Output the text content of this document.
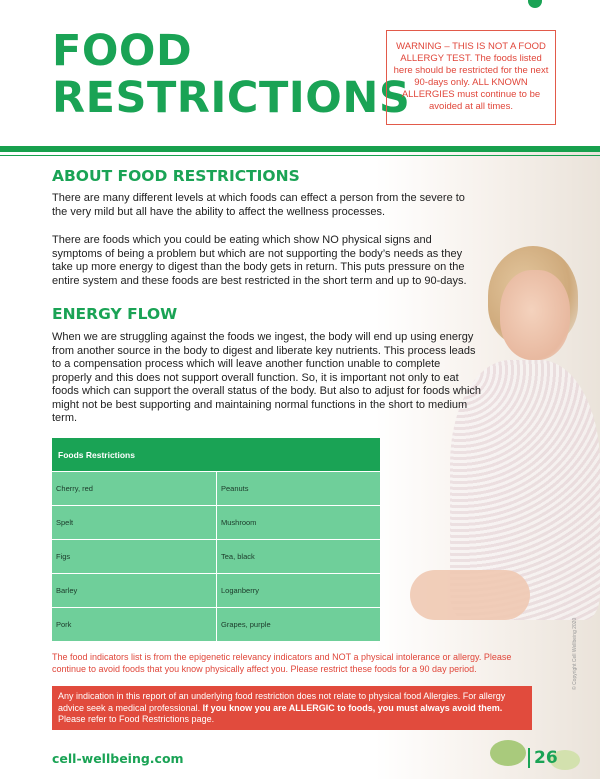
FOOD
RESTRICTIONS
WARNING – THIS IS NOT A FOOD ALLERGY TEST. The foods listed here should be restricted for the next 90-days only. ALL KNOWN ALLERGIES must continue to be avoided at all times.
ABOUT FOOD RESTRICTIONS
There are many different levels at which foods can effect a person from the severe to the very mild but all have the ability to affect the wellness processes.
There are foods which you could be eating which show NO physical signs and symptoms of being a problem but which are not supporting the body’s needs as they take up more energy to digest than the body gets in return. This puts pressure on the entire system and these foods are best restricted in the short term and up to 90-days.
ENERGY FLOW
When we are struggling against the foods we ingest, the body will end up using energy from another source in the body to digest and liberate key nutrients. This process leads to a compensation process which will leave another function unable to complete properly and this does not support overall function. So, it is important not only to eat foods which can support the overall status of the body. But also to adjust for foods which might not be best supporting and maintaining normal functions in the short to medium term.
Foods Restrictions
Cherry, red	Peanuts
Spelt	Mushroom
Figs	Tea, black
Barley	Loganberry
Pork	Grapes, purple
The food indicators list is from the epigenetic relevancy indicators and NOT a physical intolerance or allergy. Please continue to avoid foods that you know physically affect you. Please restrict these foods for a 90 day period.
Any indication in this report of an underlying food restriction does not relate to physical food Allergies. For allergy advice seek a medical professional. If you know you are ALLERGIC to foods, you must always avoid them. Please refer to Food Restrictions page.
cell-wellbeing.com	26
© Copyright Cell Wellbeing 2020
